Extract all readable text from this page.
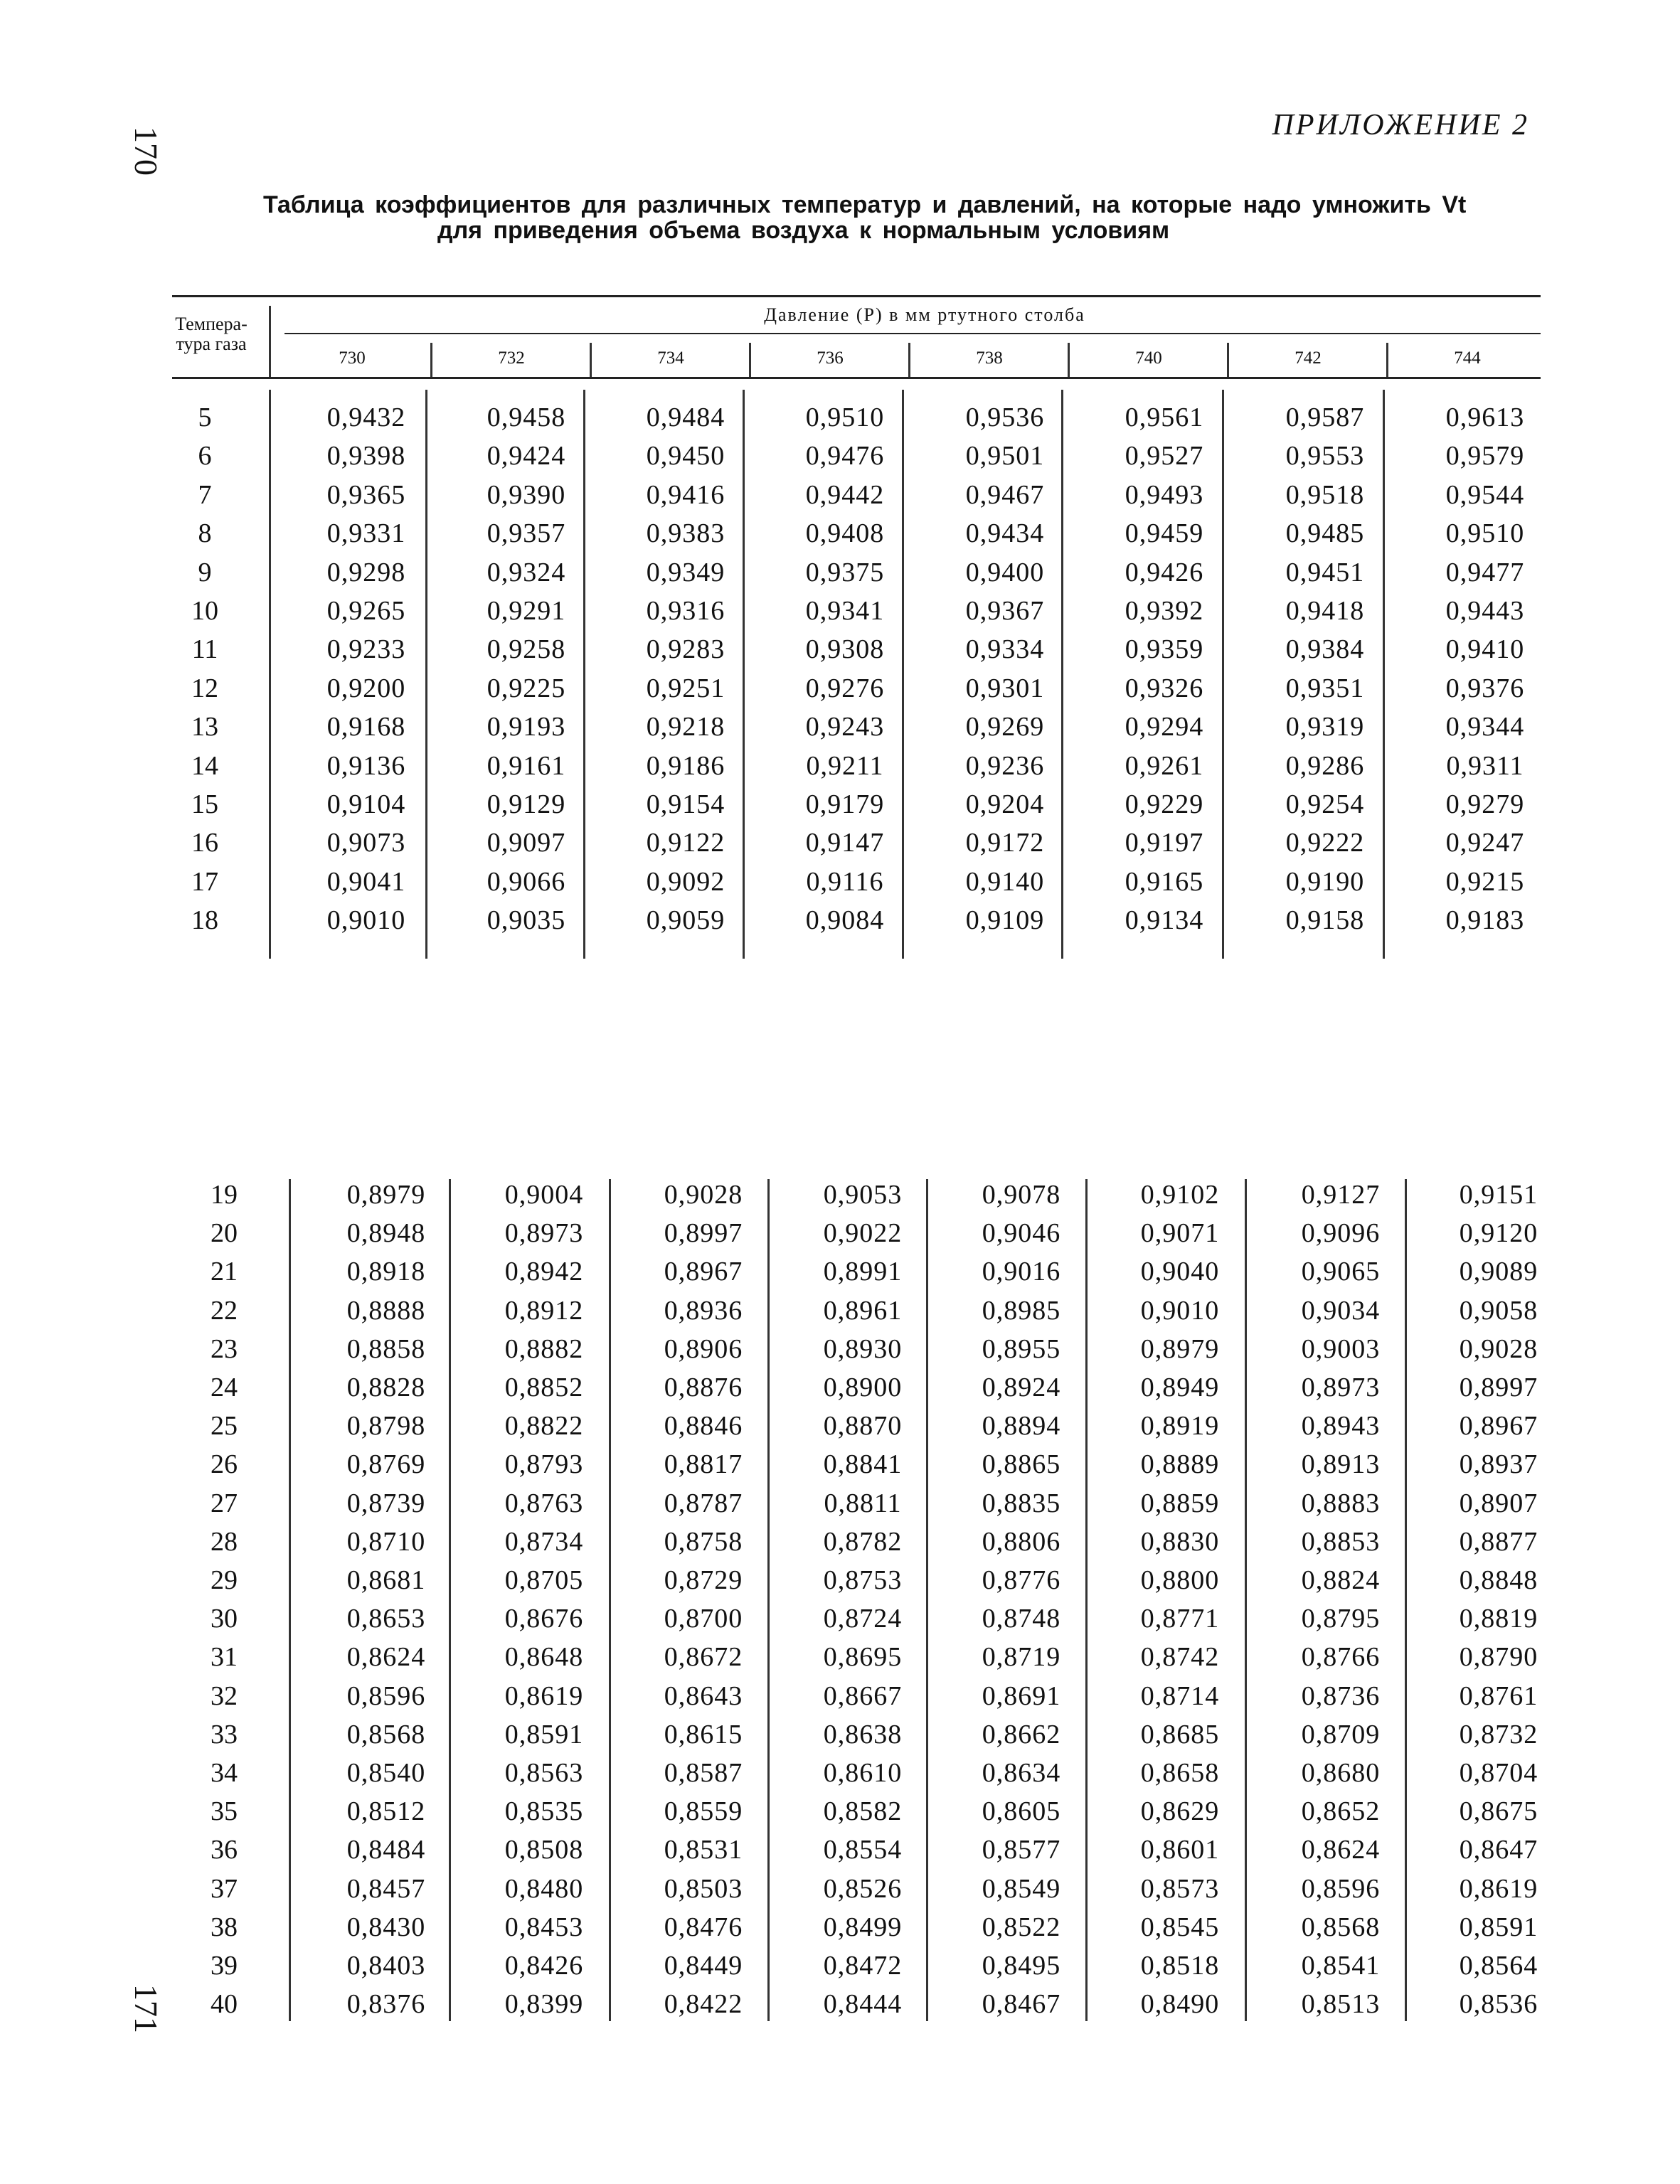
170
171
ПРИЛОЖЕНИЕ 2
Таблица коэффициентов для различных температур и давлений, на которые надо умножить Vt
для приведения объема воздуха к нормальным условиям
Темпера-тура газа
Давление (P) в мм ртутного столба
730	732	734	736	738	740	742	744
5	0,9432	0,9458	0,9484	0,9510	0,9536	0,9561	0,9587	0,9613
6	0,9398	0,9424	0,9450	0,9476	0,9501	0,9527	0,9553	0,9579
7	0,9365	0,9390	0,9416	0,9442	0,9467	0,9493	0,9518	0,9544
8	0,9331	0,9357	0,9383	0,9408	0,9434	0,9459	0,9485	0,9510
9	0,9298	0,9324	0,9349	0,9375	0,9400	0,9426	0,9451	0,9477
10	0,9265	0,9291	0,9316	0,9341	0,9367	0,9392	0,9418	0,9443
11	0,9233	0,9258	0,9283	0,9308	0,9334	0,9359	0,9384	0,9410
12	0,9200	0,9225	0,9251	0,9276	0,9301	0,9326	0,9351	0,9376
13	0,9168	0,9193	0,9218	0,9243	0,9269	0,9294	0,9319	0,9344
14	0,9136	0,9161	0,9186	0,9211	0,9236	0,9261	0,9286	0,9311
15	0,9104	0,9129	0,9154	0,9179	0,9204	0,9229	0,9254	0,9279
16	0,9073	0,9097	0,9122	0,9147	0,9172	0,9197	0,9222	0,9247
17	0,9041	0,9066	0,9092	0,9116	0,9140	0,9165	0,9190	0,9215
18	0,9010	0,9035	0,9059	0,9084	0,9109	0,9134	0,9158	0,9183
19	0,8979	0,9004	0,9028	0,9053	0,9078	0,9102	0,9127	0,9151
20	0,8948	0,8973	0,8997	0,9022	0,9046	0,9071	0,9096	0,9120
21	0,8918	0,8942	0,8967	0,8991	0,9016	0,9040	0,9065	0,9089
22	0,8888	0,8912	0,8936	0,8961	0,8985	0,9010	0,9034	0,9058
23	0,8858	0,8882	0,8906	0,8930	0,8955	0,8979	0,9003	0,9028
24	0,8828	0,8852	0,8876	0,8900	0,8924	0,8949	0,8973	0,8997
25	0,8798	0,8822	0,8846	0,8870	0,8894	0,8919	0,8943	0,8967
26	0,8769	0,8793	0,8817	0,8841	0,8865	0,8889	0,8913	0,8937
27	0,8739	0,8763	0,8787	0,8811	0,8835	0,8859	0,8883	0,8907
28	0,8710	0,8734	0,8758	0,8782	0,8806	0,8830	0,8853	0,8877
29	0,8681	0,8705	0,8729	0,8753	0,8776	0,8800	0,8824	0,8848
30	0,8653	0,8676	0,8700	0,8724	0,8748	0,8771	0,8795	0,8819
31	0,8624	0,8648	0,8672	0,8695	0,8719	0,8742	0,8766	0,8790
32	0,8596	0,8619	0,8643	0,8667	0,8691	0,8714	0,8736	0,8761
33	0,8568	0,8591	0,8615	0,8638	0,8662	0,8685	0,8709	0,8732
34	0,8540	0,8563	0,8587	0,8610	0,8634	0,8658	0,8680	0,8704
35	0,8512	0,8535	0,8559	0,8582	0,8605	0,8629	0,8652	0,8675
36	0,8484	0,8508	0,8531	0,8554	0,8577	0,8601	0,8624	0,8647
37	0,8457	0,8480	0,8503	0,8526	0,8549	0,8573	0,8596	0,8619
38	0,8430	0,8453	0,8476	0,8499	0,8522	0,8545	0,8568	0,8591
39	0,8403	0,8426	0,8449	0,8472	0,8495	0,8518	0,8541	0,8564
40	0,8376	0,8399	0,8422	0,8444	0,8467	0,8490	0,8513	0,8536
